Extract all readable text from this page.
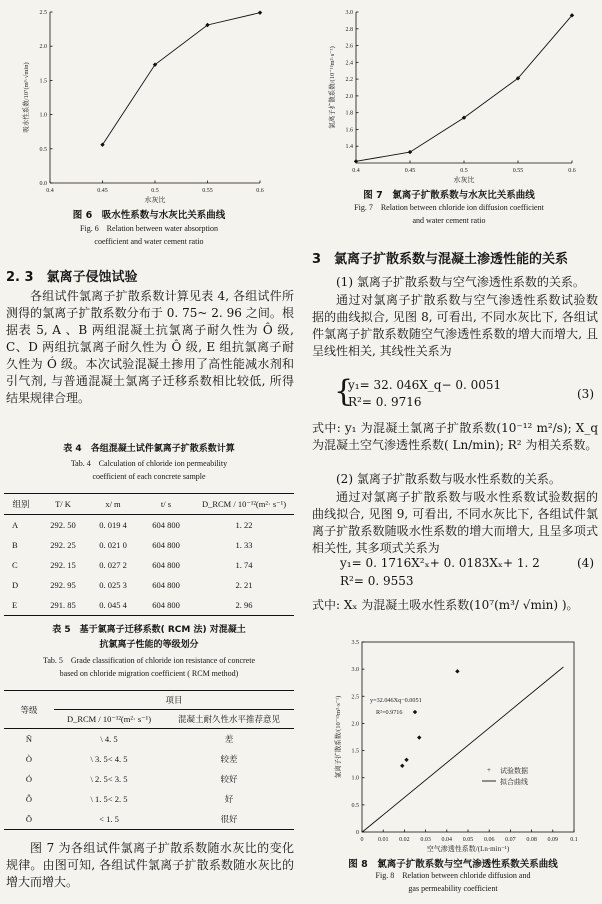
0.4	0.45	0.5	0.55	0.6
0.0
0.5
1.0
1.5
2.0
2.5
水灰比
吸水性系数/10⁷(m³·√min)
图 6　吸水性系数与水灰比关系曲线
Fig. 6　Relation between water absorption
coefficient and water cement ratio
2. 3　氯离子侵蚀试验
各组试件氯离子扩散系数计算见表 4, 各组试件所测得的氯离子扩散系数分布于 0. 75~ 2. 96 之间。根据表 5, A 、B 两组混凝土抗氯离子耐久性为 Ô 级, C、D 两组抗氯离子耐久性为 Ô 级, E 组抗氯离子耐久性为 Ó 级。本次试验混凝土掺用了高性能减水剂和引气剂, 与普通混凝土氯离子迁移系数相比较低, 所得结果规律合理。
表 4　各组混凝土试件氯离子扩散系数计算
Tab. 4　Calculation of chloride ion permeability
coefficient of each concrete sample
组别	T/ K	x/ m	t/ s	D_RCM / 10⁻¹²(m²· s⁻¹)
A	292. 50	0. 019 4	604 800	1. 22
B	292. 25	0. 021 0	604 800	1. 33
C	292. 15	0. 027 2	604 800	1. 74
D	292. 95	0. 025 3	604 800	2. 21
E	291. 85	0. 045 4	604 800	2. 96
表 5　基于氯离子迁移系数( RCM 法) 对混凝土
抗氯离子性能的等级划分
Tab. 5　Grade classification of chloride ion resistance of concrete
based on chloride migration coefficient ( RCM method)
等级	项目	
	D_RCM / 10⁻¹²(m²· s⁻¹)	混凝土耐久性水平推荐意见
Ñ	\ 4. 5	差
Ò	\ 3. 5< 4. 5	较差
Ó	\ 2. 5< 3. 5	较好
Ô	\ 1. 5< 2. 5	好
Õ	< 1. 5	很好
图 7 为各组试件氯离子扩散系数随水灰比的变化规律。由图可知, 各组试件氯离子扩散系数随水灰比的增大而增大。
0.4	0.45	0.5	0.55	0.6
1.4
1.6
1.8
2.0
2.2
2.4
2.6
2.8
3.0
水灰比
氯离子扩散系数/(10⁻¹²m²·s⁻¹)
图 7　氯离子扩散系数与水灰比关系曲线
Fig. 7　Relation between chloride ion diffusion coefficient
and water cement ratio
3　氯离子扩散系数与混凝土渗透性能的关系
(1) 氯离子扩散系数与空气渗透性系数的关系。
通过对氯离子扩散系数与空气渗透性系数试验数据的曲线拟合, 见图 8, 可看出, 不同水灰比下, 各组试件氯离子扩散系数随空气渗透性系数的增大而增大, 且呈线性相关, 其线性关系为
{
y₁= 32. 046X_q− 0. 0051
R²= 0. 9716
(3)
式中: y₁ 为混凝土氯离子扩散系数(10⁻¹² m²/s); X_q 为混凝土空气渗透性系数( Ln/min); R² 为相关系数。
(2) 氯离子扩散系数与吸水性系数的关系。
通过对氯离子扩散系数与吸水性系数试验数据的曲线拟合, 见图 9, 可看出, 不同水灰比下, 各组试件氯离子扩散系数随吸水性系数的增大而增大, 且呈多项式相关性, 其多项式关系为
y₁= 0. 1716X²ₓ+ 0. 0183Xₓ+ 1. 2
R²= 0. 9553
(4)
式中: Xₓ 为混凝土吸水性系数(10⁷(m³/ √min) )。
0 0.01 0.02 0.03 0.04 0.05 0.06 0.07 0.08 0.09 0.1
0
0.5
1.0
1.5
2.0
2.5
3.0
3.5
空气渗透性系数/(Ln·min⁻¹)
氯离子扩散系数/(10⁻¹²m²·s⁻¹)	y=32.046Xq−0.0051
R²=0.9716
+ 试验数据
拟合曲线
图 8　氯离子扩散系数与空气渗透性系数关系曲线
Fig. 8　Relation between chloride diffusion and
gas permeability coefficient
